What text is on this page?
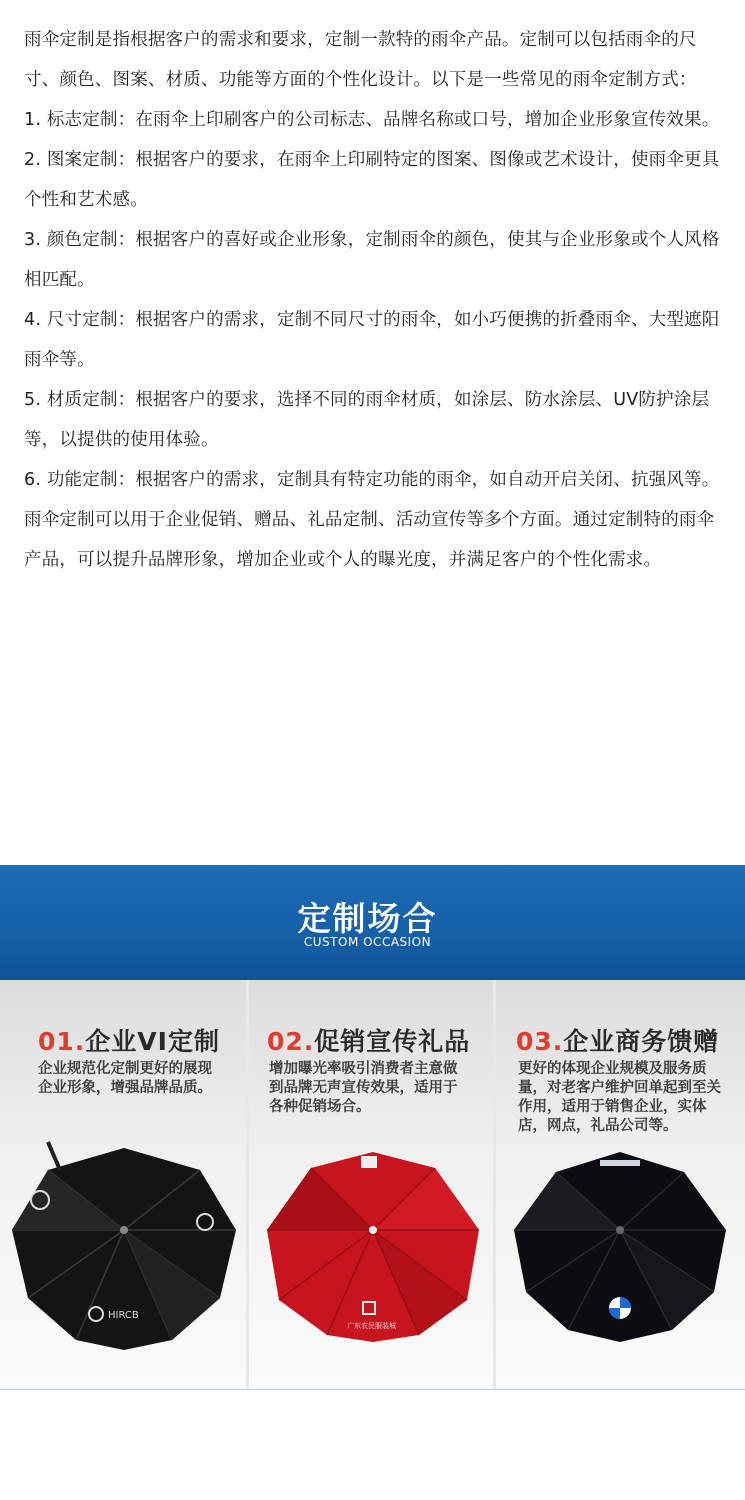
雨伞定制是指根据客户的需求和要求，定制一款特的雨伞产品。定制可以包括雨伞的尺寸、颜色、图案、材质、功能等方面的个性化设计。以下是一些常见的雨伞定制方式：

1. 标志定制：在雨伞上印刷客户的公司标志、品牌名称或口号，增加企业形象宣传效果。

2. 图案定制：根据客户的要求，在雨伞上印刷特定的图案、图像或艺术设计，使雨伞更具个性和艺术感。

3. 颜色定制：根据客户的喜好或企业形象，定制雨伞的颜色，使其与企业形象或个人风格相匹配。

4. 尺寸定制：根据客户的需求，定制不同尺寸的雨伞，如小巧便携的折叠雨伞、大型遮阳雨伞等。

5. 材质定制：根据客户的要求，选择不同的雨伞材质，如涂层、防水涂层、UV防护涂层等，以提供的使用体验。

6. 功能定制：根据客户的需求，定制具有特定功能的雨伞，如自动开启关闭、抗强风等。

雨伞定制可以用于企业促销、赠品、礼品定制、活动宣传等多个方面。通过定制特的雨伞产品，可以提升品牌形象，增加企业或个人的曝光度，并满足客户的个性化需求。

定制场合
CUSTOM OCCASION
01.企业VI定制
企业规范化定制更好的展现企业形象，增强品牌品质。
HIRCB
02.促销宣传礼品
增加曝光率吸引消费者主意做到品牌无声宣传效果，适用于各种促销场合。
广东农民服装城
03.企业商务馈赠
更好的体现企业规模及服务质量，对老客户维护回单起到至关作用，适用于销售企业，实体店，网点，礼品公司等。
